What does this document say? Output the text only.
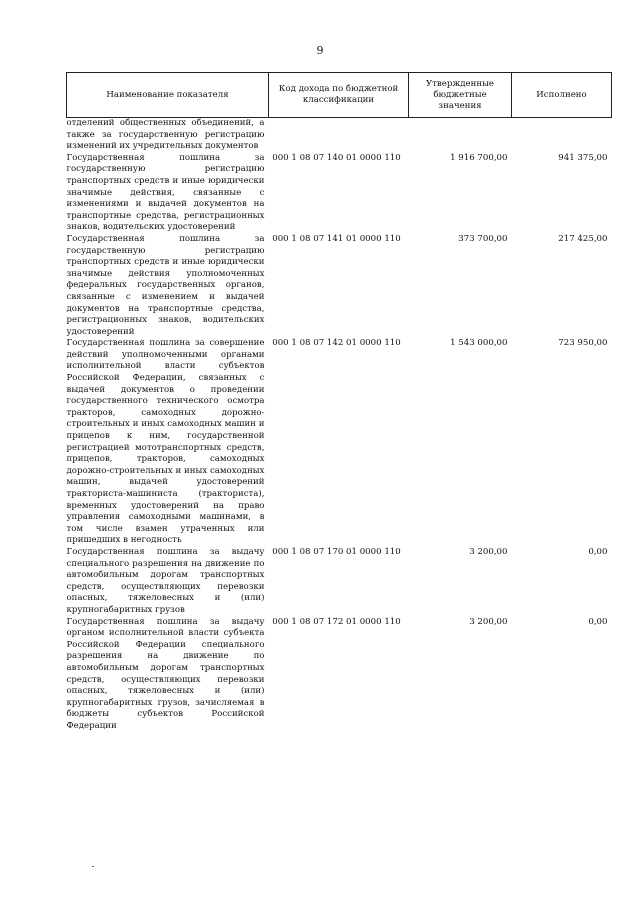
9
Наименование показателя	Код дохода по бюджетной классификации	Утвержденные бюджетные значения	Исполнено
отделений общественных объединений, а также за государственную регистрацию изменений их учредительных документов			
Государственная пошлина за государственную регистрацию транспортных средств и иные юридически значимые действия, связанные с изменениями и выдачей документов на транспортные средства, регистрационных знаков, водительских удостоверений	000 1 08 07 140 01 0000 110	1 916 700,00	941 375,00
Государственная пошлина за государственную регистрацию транспортных средств и иные юридически значимые действия уполномоченных федеральных государственных органов, связанные с изменением и выдачей документов на транспортные средства, регистрационных знаков, водительских удостоверений	000 1 08 07 141 01 0000 110	373 700,00	217 425,00
Государственная пошлина за совершение действий уполномоченными органами исполнительной власти субъектов Российской Федерации, связанных с выдачей документов о проведении государственного технического осмотра тракторов, самоходных дорожно-строительных и иных самоходных машин и прицепов к ним, государственной регистрацией мототранспортных средств, прицепов, тракторов, самоходных дорожно-строительных и иных самоходных машин, выдачей удостоверений тракториста-машиниста (тракториста), временных удостоверений на право управления самоходными машинами, в том числе взамен утраченных или пришедших в негодность	000 1 08 07 142 01 0000 110	1 543 000,00	723 950,00
Государственная пошлина за выдачу специального разрешения на движение по автомобильным дорогам транспортных средств, осуществляющих перевозки опасных, тяжеловесных и (или) крупногабаритных грузов	000 1 08 07 170 01 0000 110	3 200,00	0,00
Государственная пошлина за выдачу органом исполнительной власти субъекта Российской Федерации специального разрешения на движение по автомобильным дорогам транспортных средств, осуществляющих перевозки опасных, тяжеловесных и (или) крупногабаритных грузов, зачисляемая в бюджеты субъектов Российской Федерации	000 1 08 07 172 01 0000 110	3 200,00	0,00
